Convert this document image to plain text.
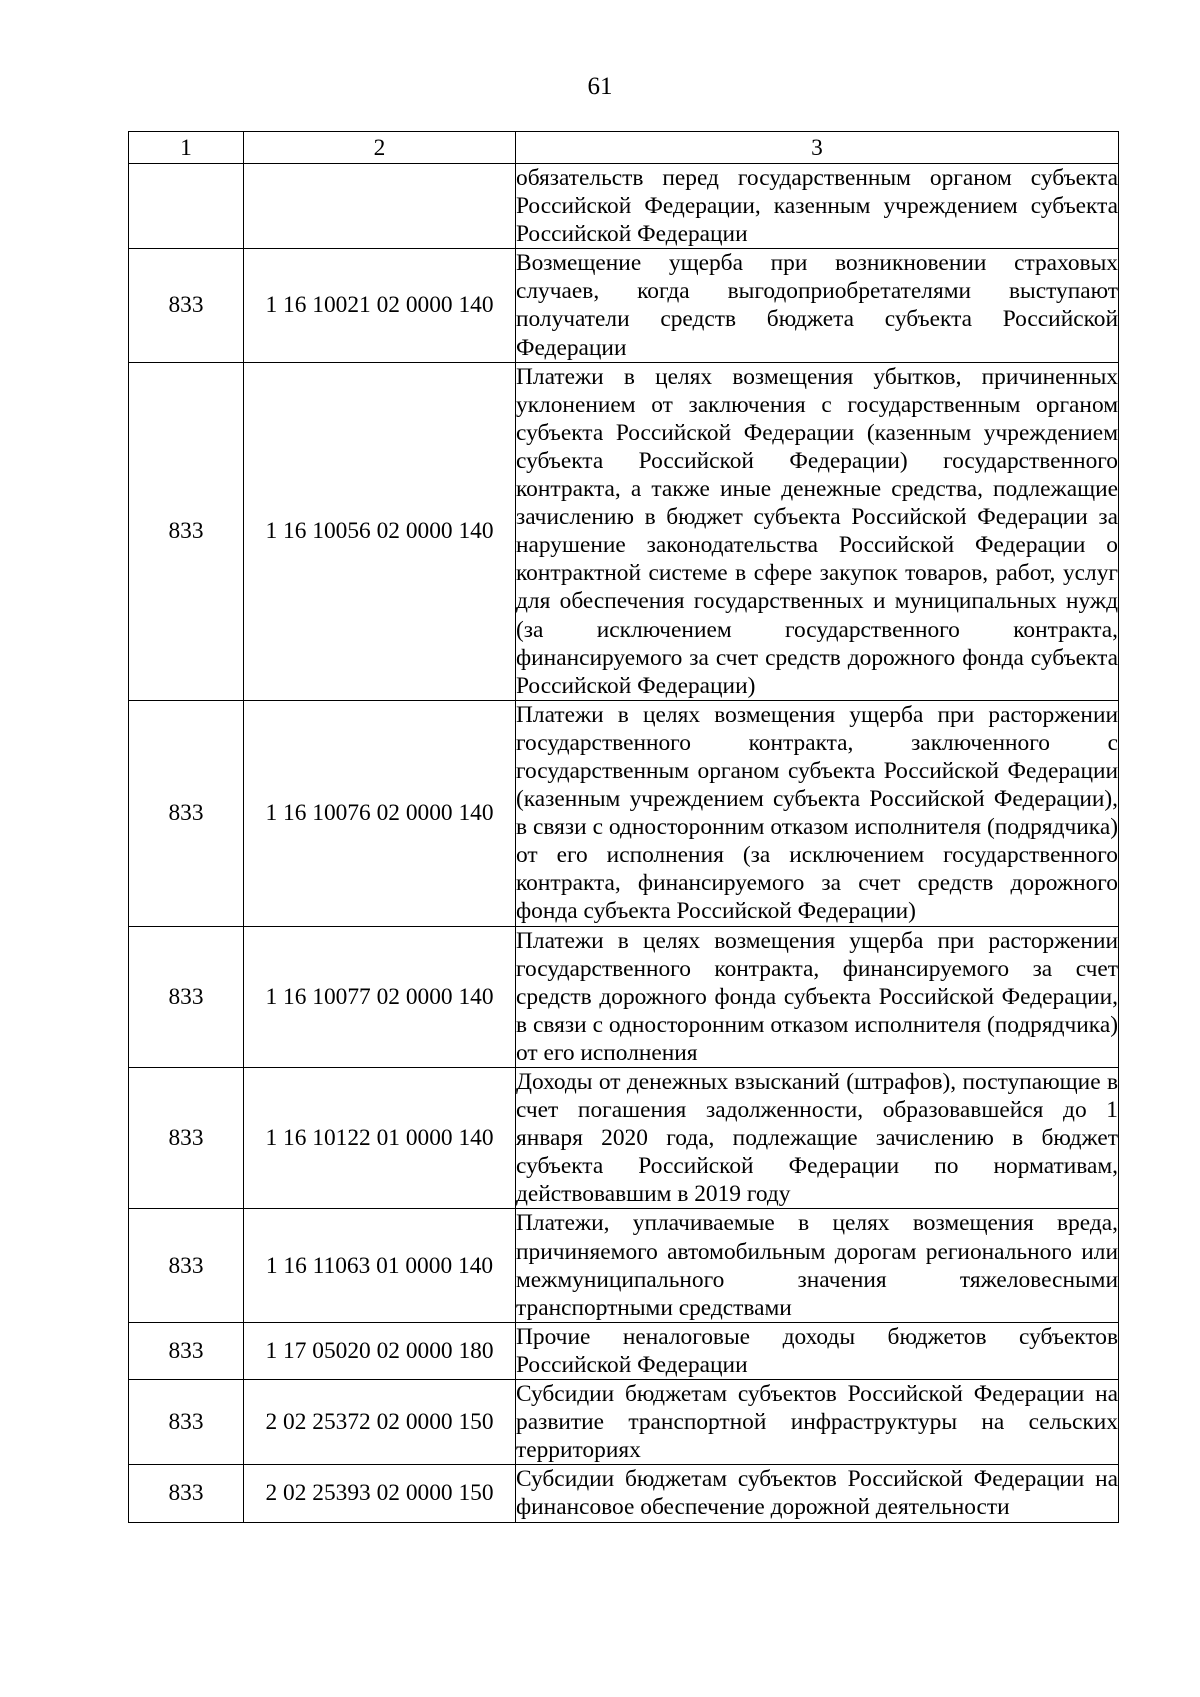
61
1	2	3
		обязательств перед государственным органом субъекта Российской Федерации, казенным учреждением субъекта Российской Федерации
833	1 16 10021 02 0000 140	Возмещение ущерба при возникновении страховых случаев, когда выгодоприобретателями выступают получатели средств бюджета субъекта Российской Федерации
833	1 16 10056 02 0000 140	Платежи в целях возмещения убытков, причиненных уклонением от заключения с государственным органом субъекта Российской Федерации (казенным учреждением субъекта Российской Федерации) государственного контракта, а также иные денежные средства, подлежащие зачислению в бюджет субъекта Российской Федерации за нарушение законодательства Российской Федерации о контрактной системе в сфере закупок товаров, работ, услуг для обеспечения государственных и муниципальных нужд (за исключением государственного контракта, финансируемого за счет средств дорожного фонда субъекта Российской Федерации)
833	1 16 10076 02 0000 140	Платежи в целях возмещения ущерба при расторжении государственного контракта, заключенного с государственным органом субъекта Российской Федерации (казенным учреждением субъекта Российской Федерации), в связи с односторонним отказом исполнителя (подрядчика) от его исполнения (за исключением государственного контракта, финансируемого за счет средств дорожного фонда субъекта Российской Федерации)
833	1 16 10077 02 0000 140	Платежи в целях возмещения ущерба при расторжении государственного контракта, финансируемого за счет средств дорожного фонда субъекта Российской Федерации, в связи с односторонним отказом исполнителя (подрядчика) от его исполнения
833	1 16 10122 01 0000 140	Доходы от денежных взысканий (штрафов), поступающие в счет погашения задолженности, образовавшейся до 1 января 2020 года, подлежащие зачислению в бюджет субъекта Российской Федерации по нормативам, действовавшим в 2019 году
833	1 16 11063 01 0000 140	Платежи, уплачиваемые в целях возмещения вреда, причиняемого автомобильным дорогам регионального или межмуниципального значения тяжеловесными транспортными средствами
833	1 17 05020 02 0000 180	Прочие неналоговые доходы бюджетов субъектов Российской Федерации
833	2 02 25372 02 0000 150	Субсидии бюджетам субъектов Российской Федерации на развитие транспортной инфраструктуры на сельских территориях
833	2 02 25393 02 0000 150	Субсидии бюджетам субъектов Российской Федерации на финансовое обеспечение дорожной деятельности
